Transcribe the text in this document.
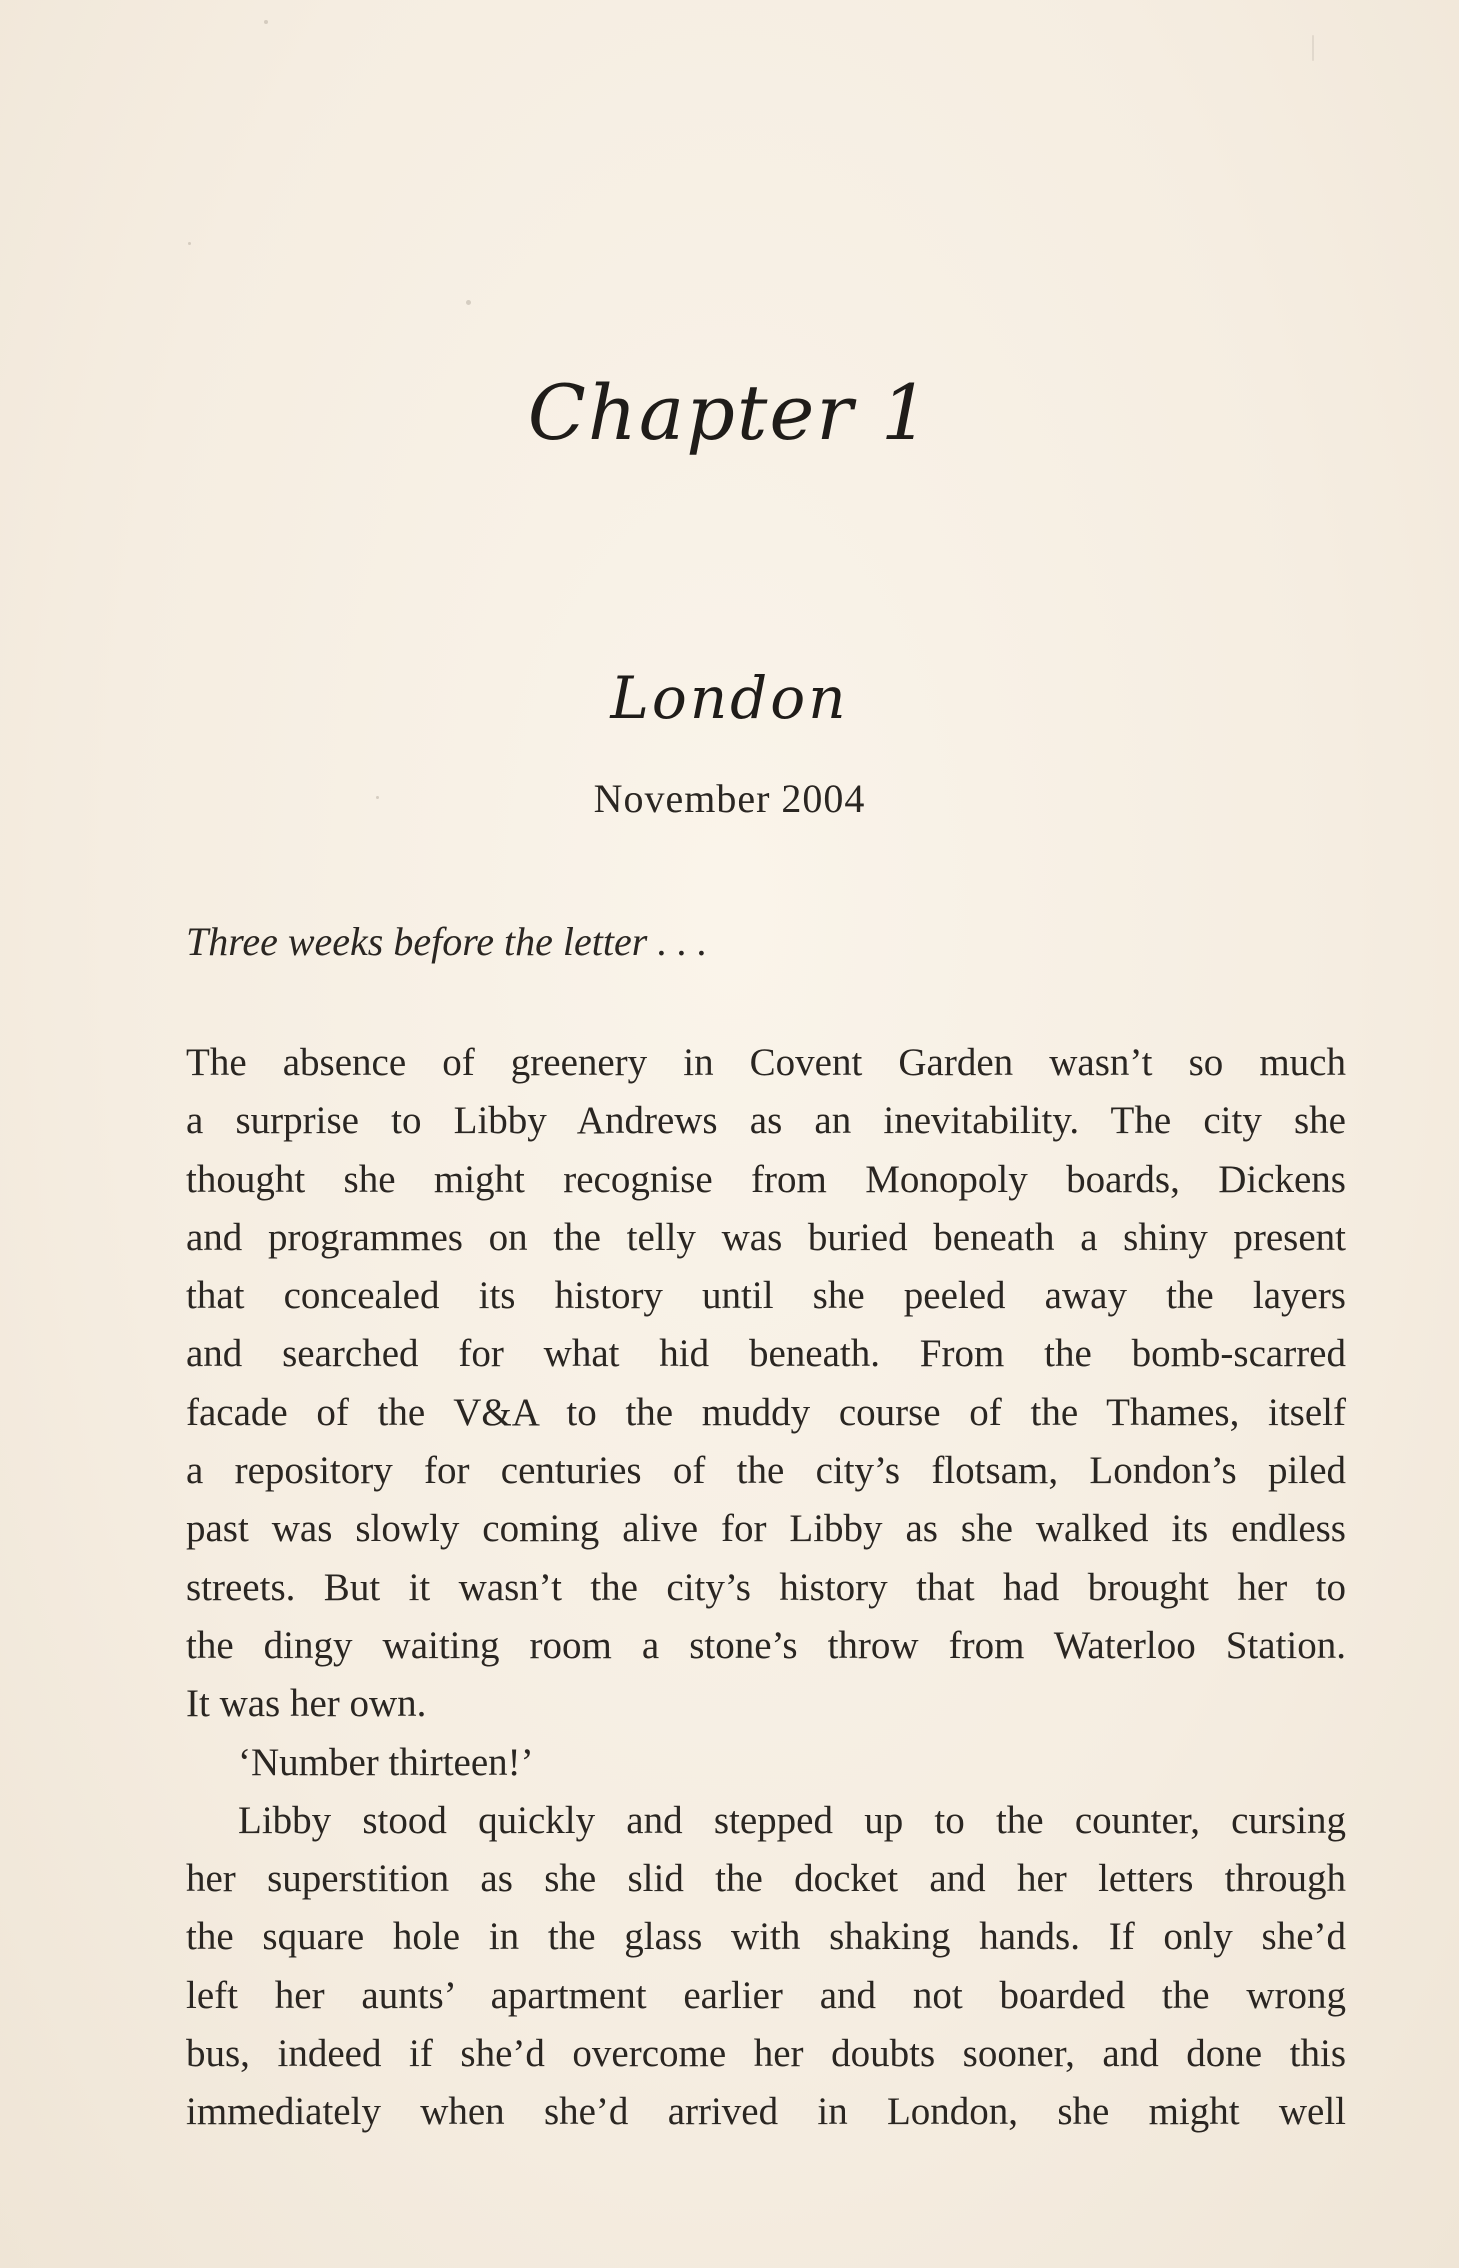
Chapter 1
London
November 2004
Three weeks before the letter . . .
The absence of greenery in Covent Garden wasn’t so much
a surprise to Libby Andrews as an inevitability. The city she
thought she might recognise from Monopoly boards, Dickens
and programmes on the telly was buried beneath a shiny present
that concealed its history until she peeled away the layers
and searched for what hid beneath. From the bomb-scarred
facade of the V&A to the muddy course of the Thames, itself
a repository for centuries of the city’s flotsam, London’s piled
past was slowly coming alive for Libby as she walked its endless
streets. But it wasn’t the city’s history that had brought her to
the dingy waiting room a stone’s throw from Waterloo Station.
It was her own.
‘Number thirteen!’
Libby stood quickly and stepped up to the counter, cursing
her superstition as she slid the docket and her letters through
the square hole in the glass with shaking hands. If only she’d
left her aunts’ apartment earlier and not boarded the wrong
bus, indeed if she’d overcome her doubts sooner, and done this
immediately when she’d arrived in London, she might well
